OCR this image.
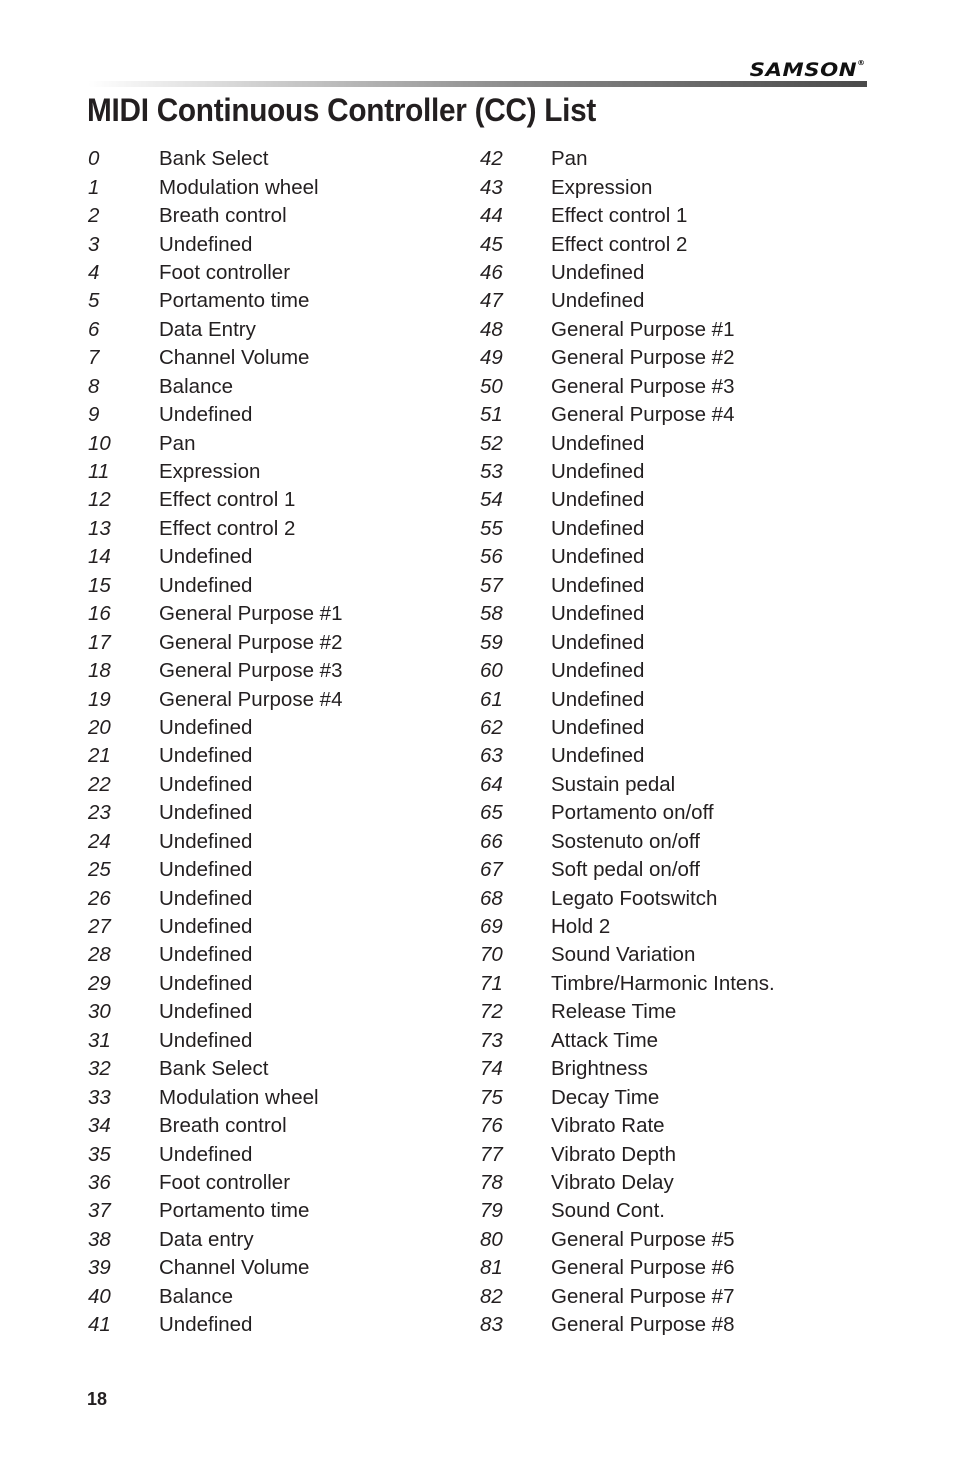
SAMSON®
MIDI Continuous Controller (CC) List
0	Bank Select
1	Modulation wheel
2	Breath control
3	Undefined
4	Foot controller
5	Portamento time
6	Data Entry
7	Channel Volume
8	Balance
9	Undefined
10	Pan
11	Expression
12	Effect control 1
13	Effect control 2
14	Undefined
15	Undefined
16	General Purpose #1
17	General Purpose #2
18	General Purpose #3
19	General Purpose #4
20	Undefined
21	Undefined
22	Undefined
23	Undefined
24	Undefined
25	Undefined
26	Undefined
27	Undefined
28	Undefined
29	Undefined
30	Undefined
31	Undefined
32	Bank Select
33	Modulation wheel
34	Breath control
35	Undefined
36	Foot controller
37	Portamento time
38	Data entry
39	Channel Volume
40	Balance
41	Undefined
42	Pan
43	Expression
44	Effect control 1
45	Effect control 2
46	Undefined
47	Undefined
48	General Purpose #1
49	General Purpose #2
50	General Purpose #3
51	General Purpose #4
52	Undefined
53	Undefined
54	Undefined
55	Undefined
56	Undefined
57	Undefined
58	Undefined
59	Undefined
60	Undefined
61	Undefined
62	Undefined
63	Undefined
64	Sustain pedal
65	Portamento on/off
66	Sostenuto on/off
67	Soft pedal on/off
68	Legato Footswitch
69	Hold 2
70	Sound Variation
71	Timbre/Harmonic Intens.
72	Release Time
73	Attack Time
74	Brightness
75	Decay Time
76	Vibrato Rate
77	Vibrato Depth
78	Vibrato Delay
79	Sound Cont.
80	General Purpose #5
81	General Purpose #6
82	General Purpose #7
83	General Purpose #8
18
